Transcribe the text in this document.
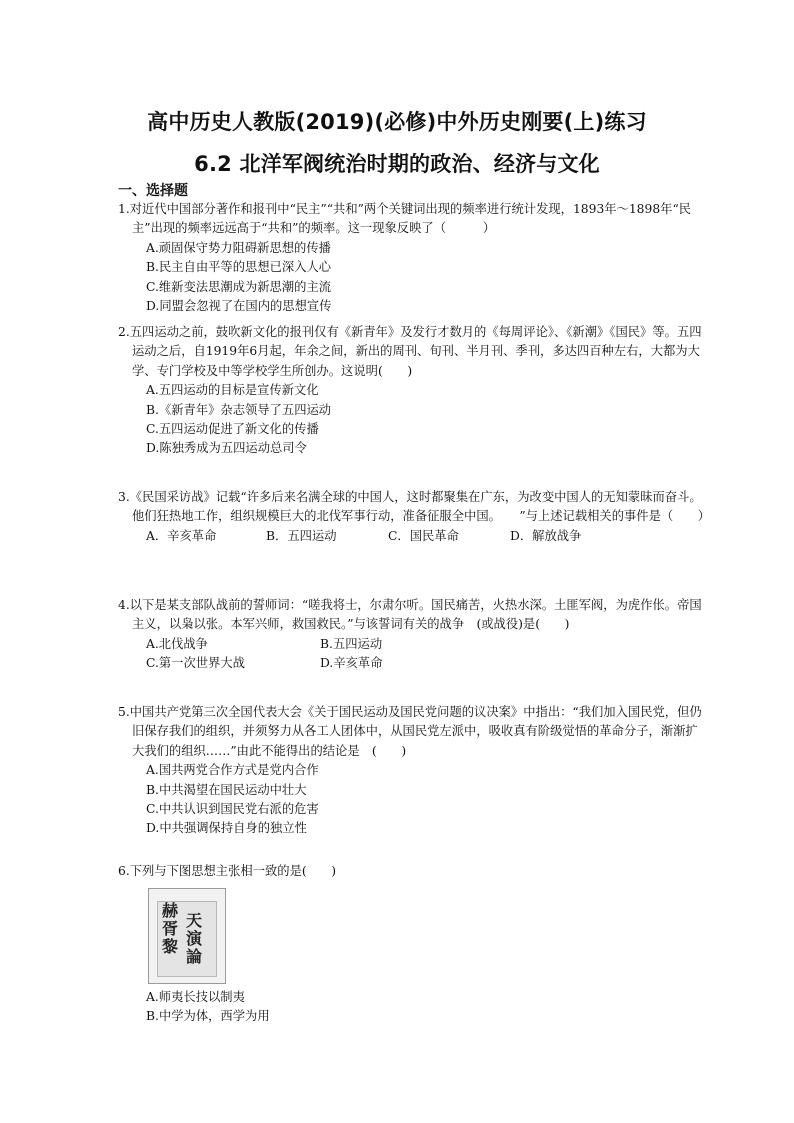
高中历史人教版(2019)(必修)中外历史刚要(上)练习
6.2 北洋军阀统治时期的政治、经济与文化
一、选择题

1.对近代中国部分著作和报刊中“民主”“共和”两个关键词出现的频率进行统计发现，1893年～1898年“民主”出现的频率远远高于“共和”的频率。这一现象反映了（　　　）

A.顽固保守势力阻碍新思想的传播

B.民主自由平等的思想已深入人心

C.维新变法思潮成为新思潮的主流

D.同盟会忽视了在国内的思想宣传

2.五四运动之前，鼓吹新文化的报刊仅有《新青年》及发行才数月的《每周评论》、《新潮》《国民》等。五四运动之后，自1919年6月起，年余之间，新出的周刊、旬刊、半月刊、季刊，多达四百种左右，大都为大学、专门学校及中等学校学生所创办。这说明(　　)

A.五四运动的目标是宣传新文化

B.《新青年》杂志领导了五四运动

C.五四运动促进了新文化的传播

D.陈独秀成为五四运动总司令

3.《民国采访战》记载“许多后来名满全球的中国人，这时都聚集在广东，为改变中国人的无知蒙昧而奋斗。他们狂热地工作，组织规模巨大的北伐军事行动，准备征服全中国。　　”与上述记载相关的事件是（　　）

A．辛亥革命	B．五四运动	C．国民革命	D．解放战争

4.以下是某支部队战前的誓师词：“嗟我将士，尔肃尔听。国民痛苦，火热水深。土匪军阀，为虎作伥。帝国主义，以枭以张。本军兴师，救国救民。”与该誓词有关的战争　(或战役)是(　　)

A.北伐战争	B.五四运动
C.第一次世界大战	D.辛亥革命

5.中国共产党第三次全国代表大会《关于国民运动及国民党问题的议决案》中指出：“我们加入国民党，但仍旧保存我们的组织，并须努力从各工人团体中，从国民党左派中，吸收真有阶级觉悟的革命分子，渐渐扩大我们的组织……”由此不能得出的结论是　(　　)

A.国共两党合作方式是党内合作

B.中共渴望在国民运动中壮大

C.中共认识到国民党右派的危害

D.中共强调保持自身的独立性

6.下列与下图思想主张相一致的是(　　)

赫
胥
黎
天
演
論

A.师夷长技以制夷

B.中学为体，西学为用
